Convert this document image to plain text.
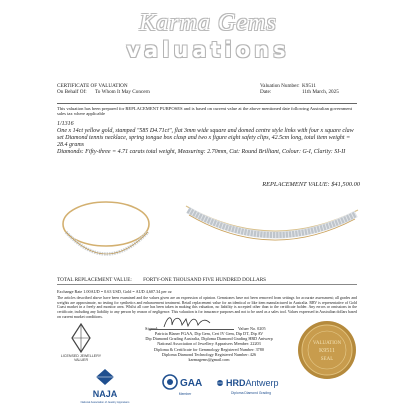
Karma Gems
valuations
CERTIFICATE OF VALUATION
On Behalf Of:	To Whom It May Concern
Valuation Number: K9511
Date:	11th March, 2025
This valuation has been prepared for REPLACEMENT PURPOSES and is based on current value at the above mentioned date following Australian government sales tax where applicable
1/1316
One x 14ct yellow gold, stamped "585 D4.71ct", flat 3mm wide square and domed centre style links with four x square claw set Diamond tennis necklace, spring tongue box clasp and two x figure eight safety clips, 42.5cm long, total item weight = 28.4 grams
Diamonds: Fifty-three = 4.71 carats total weight, Measuring: 2.70mm, Cut: Round Brilliant, Colour: G-I, Clarity: SI-II
REPLACEMENT VALUE: $41,500.00
TOTAL REPLACEMENT VALUE: FORTY-ONE THOUSAND FIVE HUNDRED DOLLARS
Exchange Rate 1.00AUD = 0.63 USD, Gold = AUD 4,607.34 per oz
The articles described above have been examined and the values given are an expression of opinion. Gemstones have not been removed from settings for accurate assessment; all grades and weights are approximate, no testing for synthetics and enhancement treatment. Retail replacement value for an identical or like item manufactured in Australia. RRV is representative of Gold Coast market in a freely and monitor area. Whilst all care has been taken in making this valuation, no liability is accepted other than to the certificate holder. Any errors or omissions in the certificate, including any liability to any person by reason of negligence. This valuation is for insurance purposes and not to be used as a sales tool. Values expressed in Australian dollars based on current market conditions.
LICENSED JEWELLERY
VALUER
Signed:	Valuer No. 0205
Patricia Blaner FGAA, Dip Gem, Cert IV Gem, Dip DT, Dip AV
Dip Diamond Grading Australia, Diploma Diamond Grading HRD Antwerp
National Association of Jewellery Appraisers Member: 22203
Diploma & Certificate for Gemmology Registered Number: 3780
Diploma Diamond Technology Registered Number: 426
karmagems@gmail.com
VALUATION
K9511
SEAL
NAJA
National Association of Jewelry Appraisers
GAA
Member
HRDAntwerp
Diploma Diamond Grading
